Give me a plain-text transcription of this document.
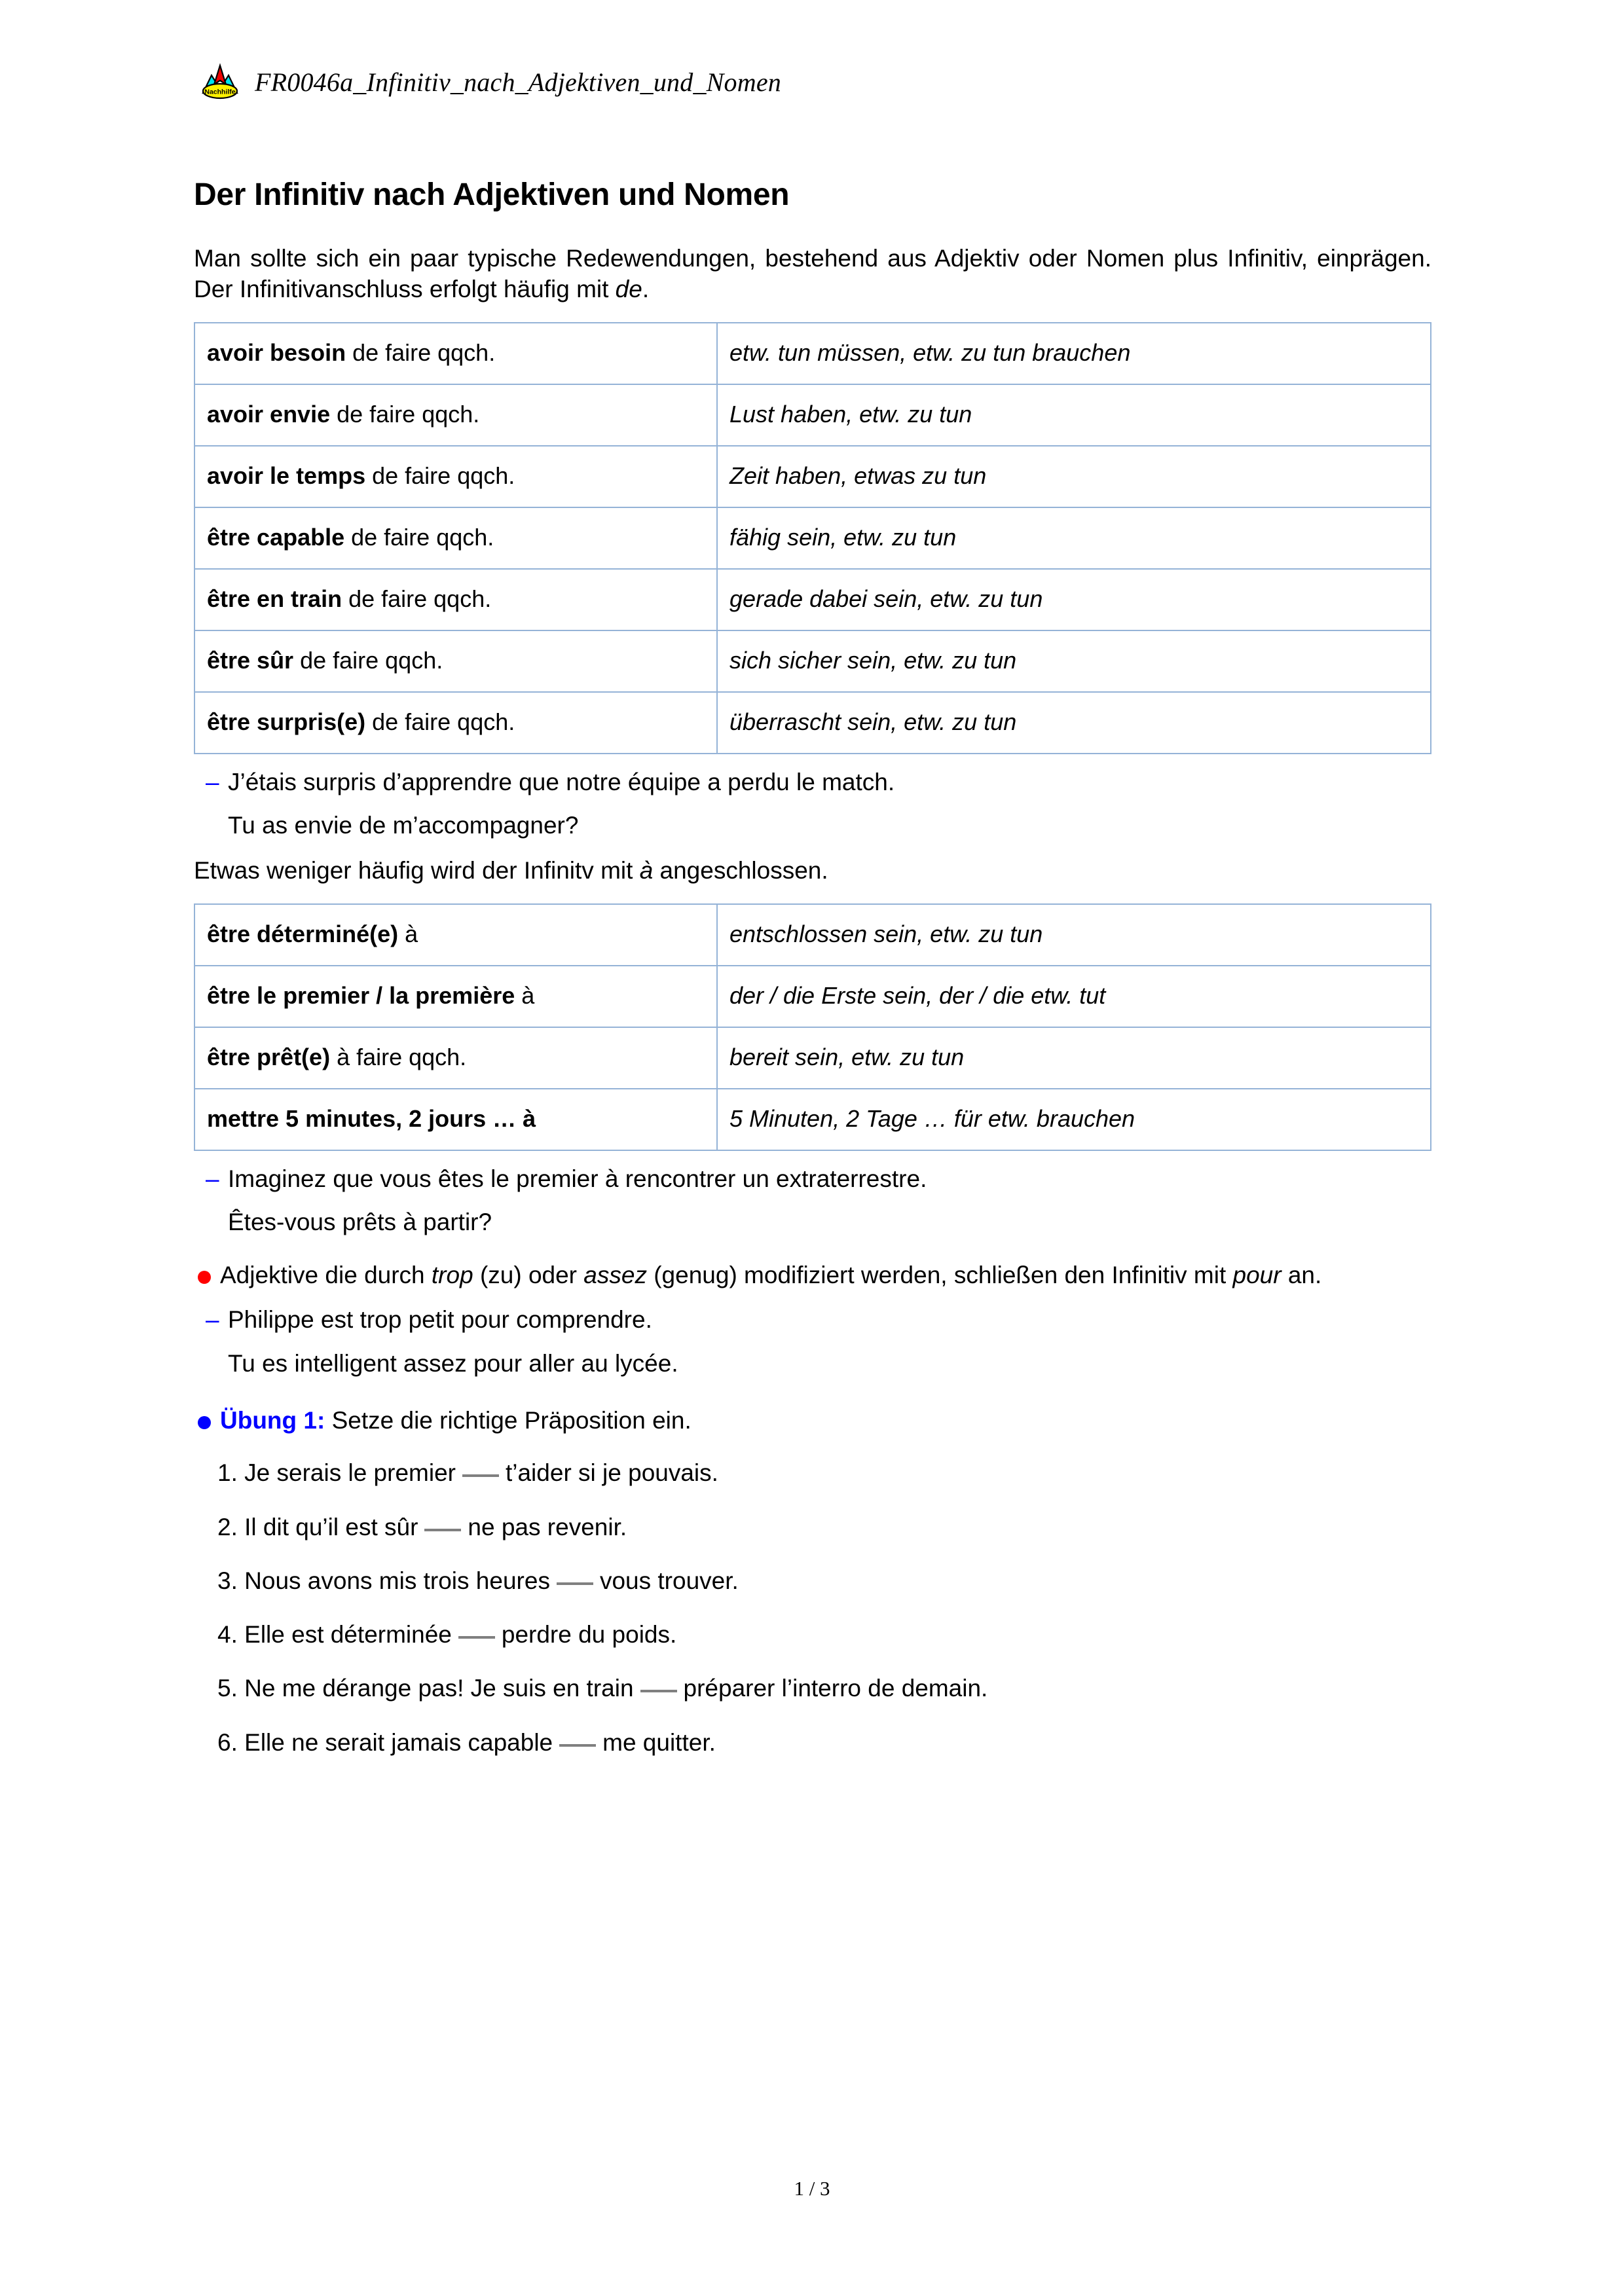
Nachhilfe FR0046a_Infinitiv_nach_Adjektiven_und_Nomen
Der Infinitiv nach Adjektiven und Nomen

Man sollte sich ein paar typische Redewendungen, bestehend aus Adjektiv oder Nomen plus Infinitiv, einprägen. Der Infinitivanschluss erfolgt häufig mit de.

avoir besoin de faire qqch.	etw. tun müssen, etw. zu tun brauchen
avoir envie de faire qqch.	Lust haben, etw. zu tun
avoir le temps de faire qqch.	Zeit haben, etwas zu tun
être capable de faire qqch.	fähig sein, etw. zu tun
être en train de faire qqch.	gerade dabei sein, etw. zu tun
être sûr de faire qqch.	sich sicher sein, etw. zu tun
être surpris(e) de faire qqch.	überrascht sein, etw. zu tun
– J’étais surpris d’apprendre que notre équipe a perdu le match.
Tu as envie de m’accompagner?

Etwas weniger häufig wird der Infinitv mit à angeschlossen.

être déterminé(e) à	entschlossen sein, etw. zu tun
être le premier / la première à	der / die Erste sein, der / die etw. tut
être prêt(e) à faire qqch.	bereit sein, etw. zu tun
mettre 5 minutes, 2 jours … à	5 Minuten, 2 Tage … für etw. brauchen
– Imaginez que vous êtes le premier à rencontrer un extraterrestre.
Êtes-vous prêts à partir?
Adjektive die durch trop (zu) oder assez (genug) modifiziert werden, schließen den Infinitiv mit pour an.
– Philippe est trop petit pour comprendre.
Tu es intelligent assez pour aller au lycée.
Übung 1: Setze die richtige Präposition ein.
1. Je serais le premier t’aider si je pouvais.
2. Il dit qu’il est sûr ne pas revenir.
3. Nous avons mis trois heures vous trouver.
4. Elle est déterminée perdre du poids.
5. Ne me dérange pas! Je suis en train préparer l’interro de demain.
6. Elle ne serait jamais capable me quitter.
1 / 3
